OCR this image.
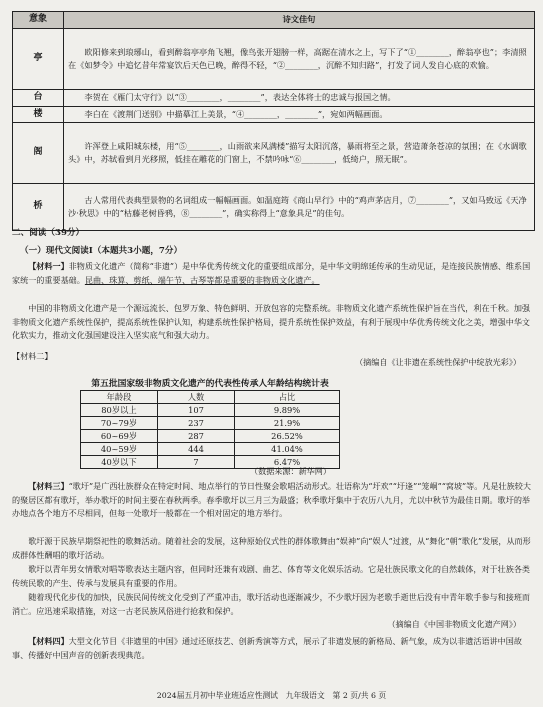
意象	诗文佳句
亭	欧阳修来到琅琊山，看到醉翁亭亭角飞翘，像鸟张开翅膀一样，高踞在清水之上，写下了“①________，醉翁亭也”；李清照在《如梦令》中追忆昔年常宴饮后天色已晚，醉得不轻，“②________，沉醉不知归路”，打发了词人发自心底的欢愉。
台	李贺在《雁门太守行》以“③________，________”，表达全体将士的忠诚与报国之情。
楼	李白在《渡荆门送别》中描摹江上美景，“④________，________”，宛如两幅画面。
阁	许浑登上咸阳城东楼，用“⑤________，山雨欲来风满楼”描写太阳沉落，暴雨将至之景，营造萧条苍凉的氛围；在《水调歌头》中，苏轼看到月光移照，低挂在雕花的门窗上，不禁吟咏“⑥________，低绮户，照无眠”。
桥	古人常用代表典型景物的名词组成一幅幅画面。如温庭筠《商山早行》中的“鸡声茅店月，⑦________”，又如马致远《天净沙·秋思》中的“枯藤老树昏鸦，⑧________”，确实称得上“意象具足”的佳句。
二、阅读（39分）
（一）现代文阅读Ⅰ（本题共3小题，7分）
【材料一】非物质文化遗产（简称“非遗”）是中华优秀传统文化的重要组成部分，是中华文明绵延传承的生动见证，是连接民族情感、维系国家统一的重要基础。昆曲、珠算、剪纸、端午节、古琴等都是重要的非物质文化遗产。
中国的非物质文化遗产是一个源远流长、包罗万象、特色鲜明、开放包容的完整系统。非物质文化遗产系统性保护旨在当代，利在千秋。加强非物质文化遗产系统性保护，提高系统性保护认知，构建系统性保护格局，提升系统性保护效益，有利于展现中华优秀传统文化之美，增强中华文化软实力，推动文化强国建设注入坚实底气和强大动力。
（摘编自《让非遗在系统性保护中绽放光彩》）
【材料二】
第五批国家级非物质文化遗产的代表性传承人年龄结构统计表
年龄段	人数	占比
80岁以上	107	9.89%
70~79岁	237	21.9%
60~69岁	287	26.52%
40~59岁	444	41.04%
40岁以下	7	6.47%
（数据来源：新华网）
【材料三】“歌圩”是广西壮族群众在特定时间、地点举行的节日性聚会歌唱活动形式。壮语称为“圩欢”“圩逢”“笼峒”“窝坡”等。凡是壮族较大的聚居区都有歌圩，举办歌圩的时间主要在春秋两季。春季歌圩以三月三为最盛；秋季歌圩集中于农历八九月，尤以中秋节为最佳日期。歌圩的举办地点各个地方不尽相同，但每一处歌圩一般都在一个相对固定的地方举行。
歌圩源于民族早期祭祀性的歌舞活动。随着社会的发展，这种原始仪式性的群体歌舞由“娱神”向“娱人”过渡，从“舞化”朝“歌化”发展，从而形成群体性酬唱的歌圩活动。
歌圩以青年男女情歌对唱等歌表达主题内容，但同时还兼有戏剧、曲艺、体育等文化娱乐活动。它是壮族民歌文化的自然载体，对于壮族各类传统民歌的产生、传承与发展具有重要的作用。
随着现代化步伐的加快，民族民间传统文化受到了严重冲击，歌圩活动也逐渐减少，不少歌圩因为老歌手逝世后没有中青年歌手参与和接班而消亡。应迅速采取措施，对这一古老民族风俗进行抢救和保护。
（摘编自《中国非物质文化遗产网》）
【材料四】大型文化节目《非遗里的中国》通过还原技艺、创新秀演等方式，展示了非遗发展的新格局、新气象，成为以非遗活语讲中国故事、传播好中国声音的创新表现典范。
2024届五月初中毕业班适应性测试　九年级语文　第 2 页/共 6 页
